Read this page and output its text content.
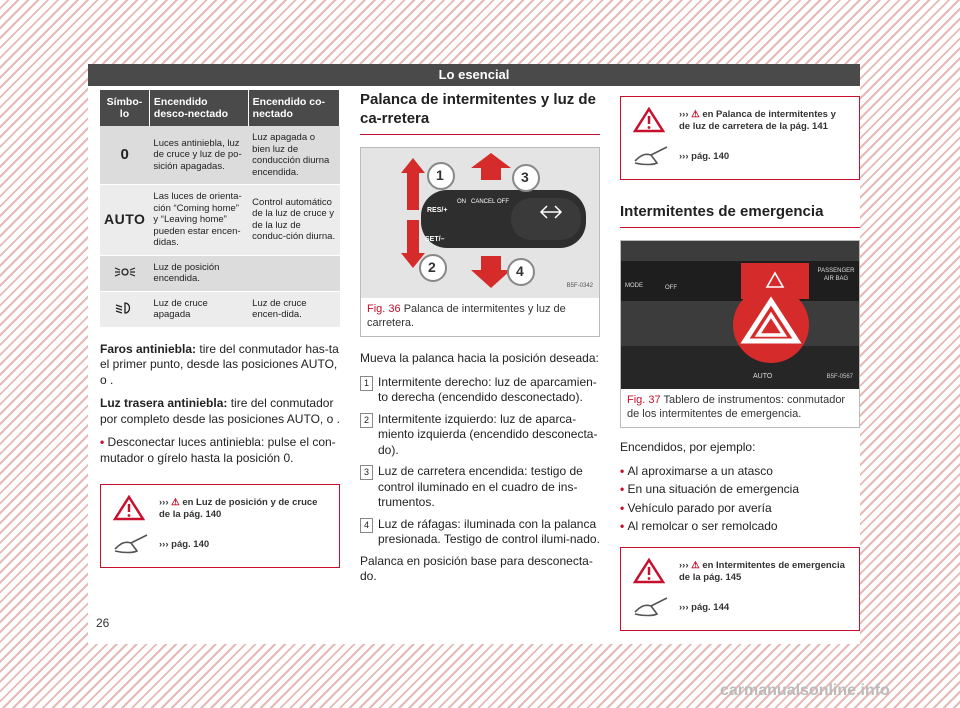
Lo esencial
Símbo-lo	Encendido desco-nectado	Encendido co-nectado
0	Luces antiniebla, luz de cruce y luz de po-sición apagadas.	Luz apagada o bien luz de conducción diurna encendida.
AUTO	Las luces de orienta-ción “Coming home” y “Leaving home” pueden estar encen-didas.	Control automático de la luz de cruce y de la luz de conduc-ción diurna.
	Luz de posición encendida.	
	Luz de cruce apagada	Luz de cruce encen-dida.

Faros antiniebla: tire del conmutador has-ta el primer punto, desde las posiciones AUTO, o .

Luz trasera antiniebla: tire del conmutador por completo desde las posiciones AUTO, o .

• Desconectar luces antiniebla: pulse el con-mutador o gírelo hasta la posición 0.

››› ⚠ en Luz de posición y de cruce de la pág. 140
››› pág. 140
Palanca de intermitentes y luz de ca-rretera
RES/+
ON CANCEL OFF
SET/–
1
2
3
4
B5F-0342
Fig. 36 Palanca de intermitentes y luz de carretera.

Mueva la palanca hacia la posición deseada:

1 Intermitente derecho: luz de aparcamien-to derecha (encendido desconectado).
2 Intermitente izquierdo: luz de aparca-miento izquierda (encendido desconecta-do).
3 Luz de carretera encendida: testigo de control iluminado en el cuadro de ins-trumentos.
4 Luz de ráfagas: iluminada con la palanca presionada. Testigo de control ilumi-nado.

Palanca en posición base para desconecta-do.

››› ⚠ en Palanca de intermitentes y de luz de carretera de la pág. 141
››› pág. 140
Intermitentes de emergencia
MODE	OFF
PASSENGER AIR BAG
AUTO	B5F-0567
Fig. 37 Tablero de instrumentos: conmutador de los intermitentes de emergencia.

Encendidos, por ejemplo:

• Al aproximarse a un atasco

• En una situación de emergencia

• Vehículo parado por avería

• Al remolcar o ser remolcado

››› ⚠ en Intermitentes de emergencia de la pág. 145
››› pág. 144
26
carmanualsonline.info
